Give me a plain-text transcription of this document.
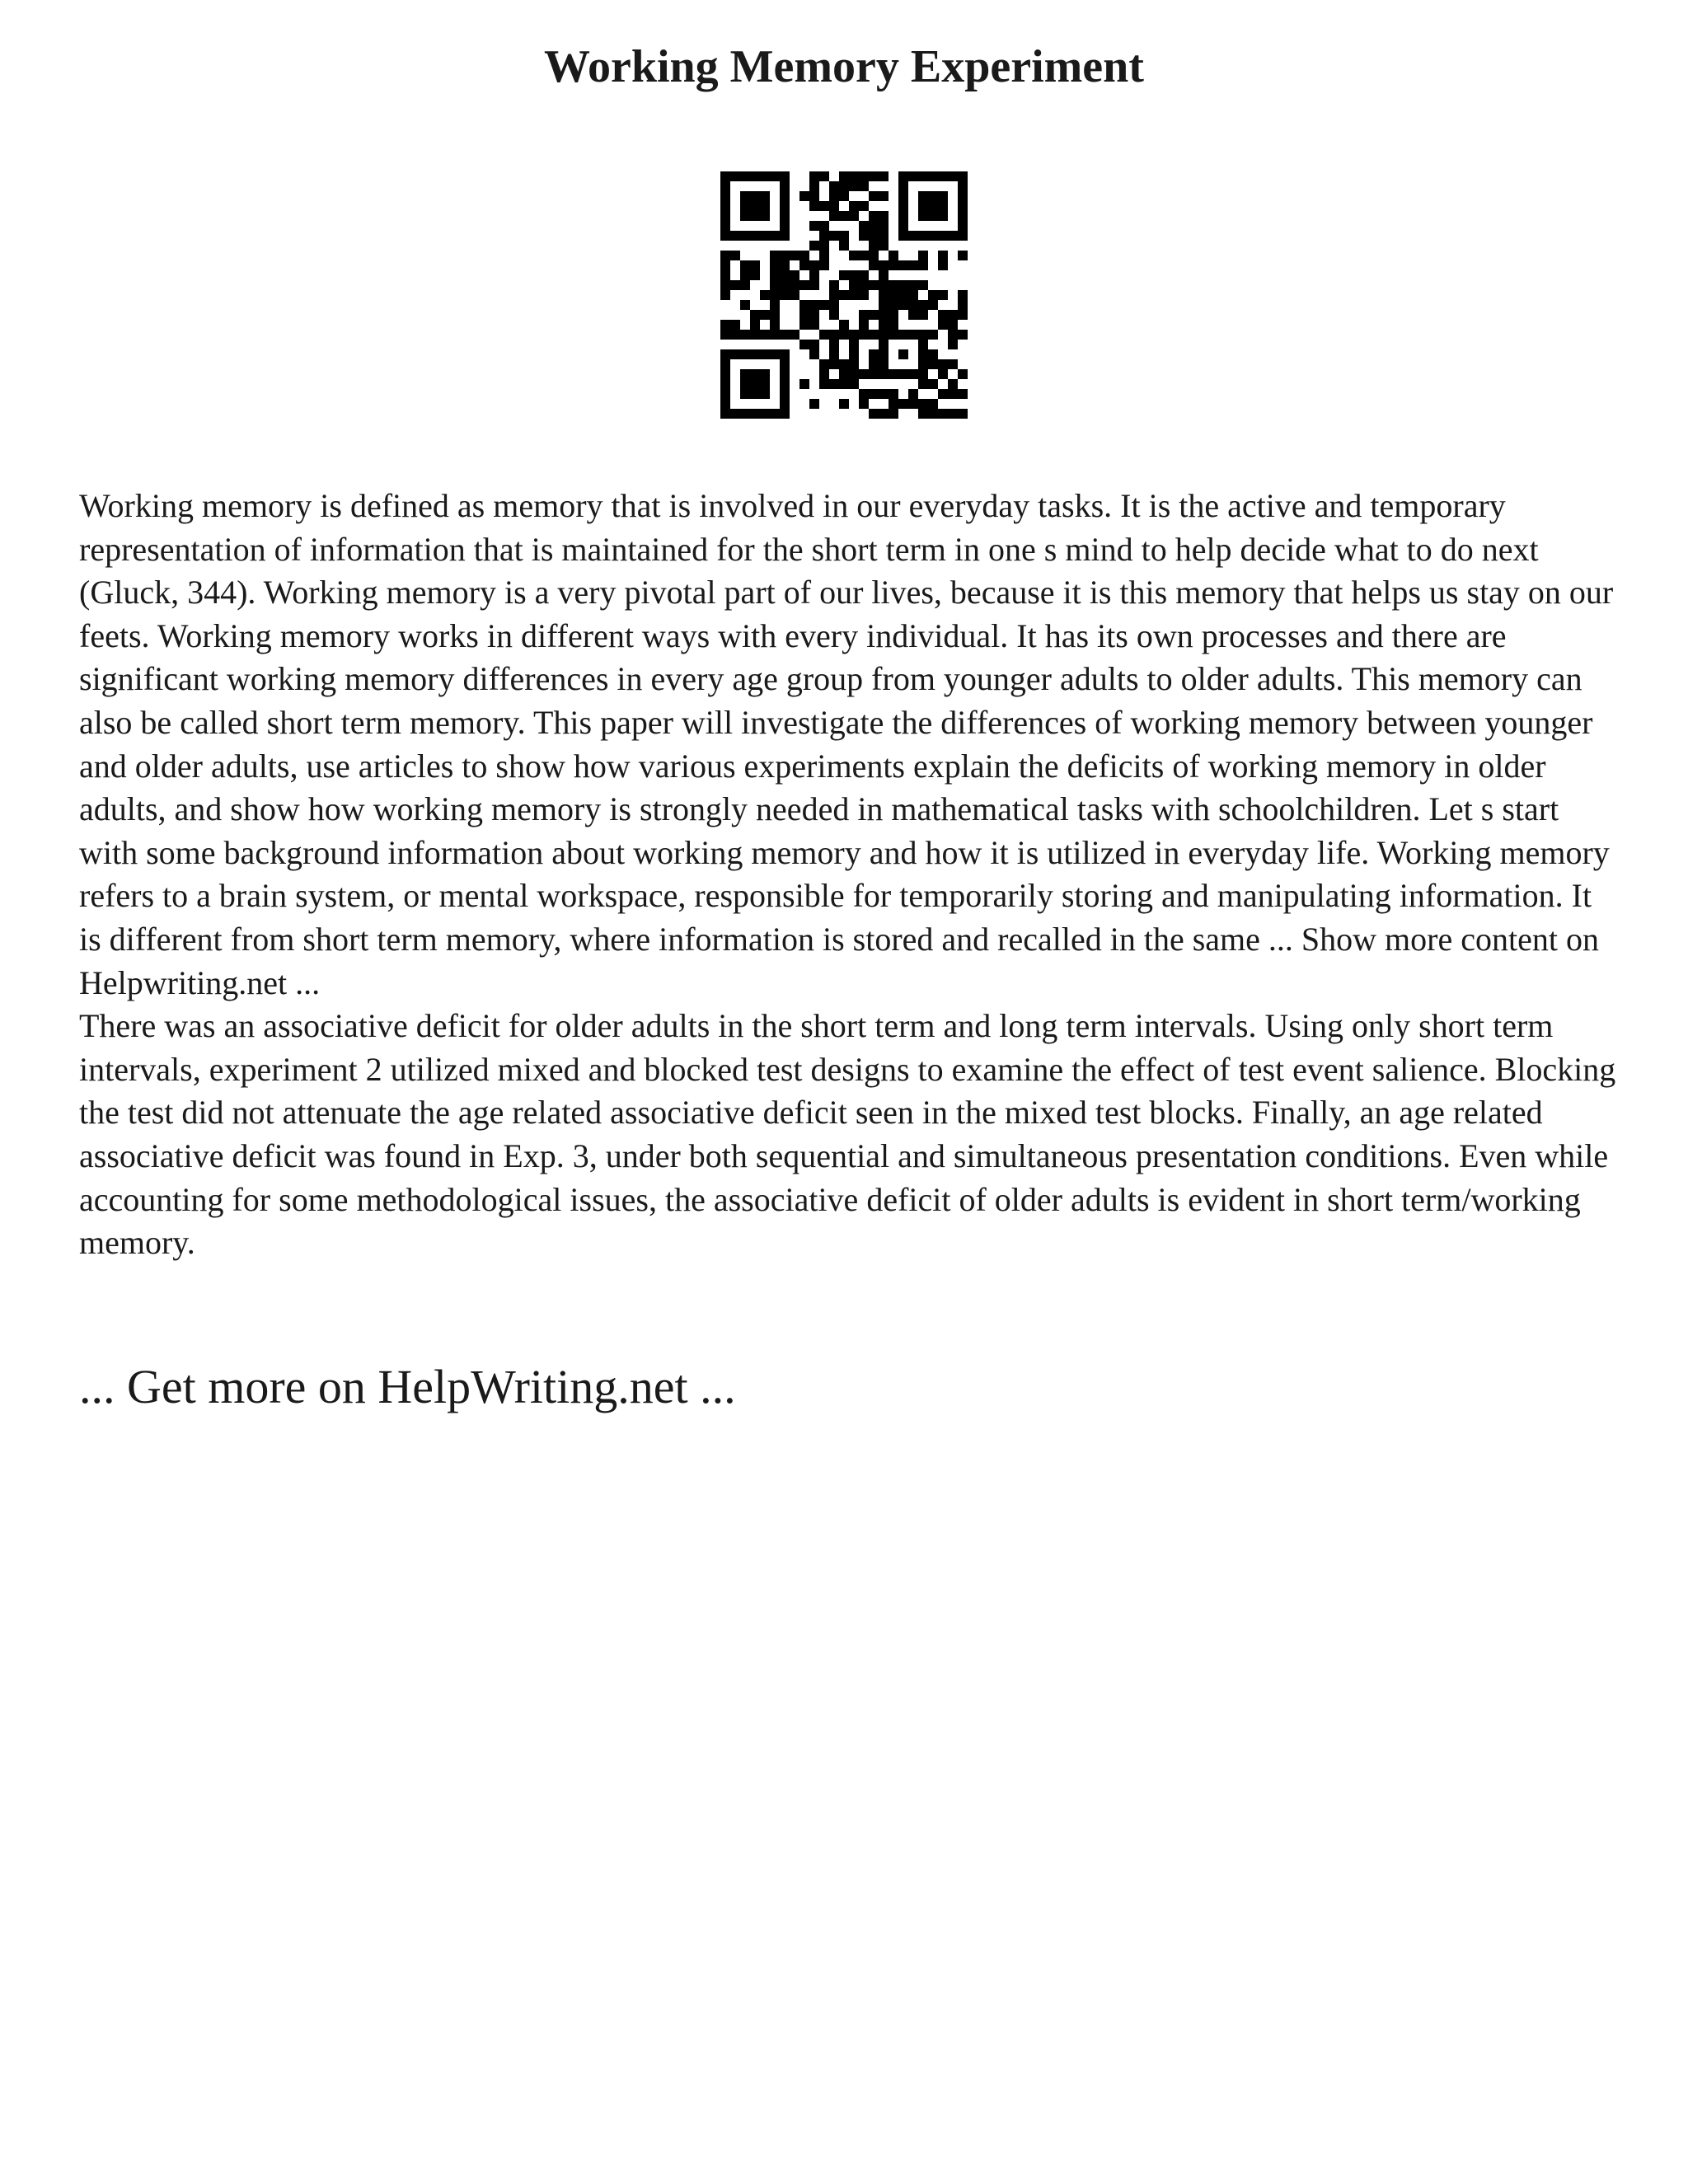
Working Memory Experiment

Working memory is defined as memory that is involved in our everyday tasks. It is the active and temporary representation of information that is maintained for the short term in one s mind to help decide what to do next (Gluck, 344). Working memory is a very pivotal part of our lives, because it is this memory that helps us stay on our feets. Working memory works in different ways with every individual. It has its own processes and there are significant working memory differences in every age group from younger adults to older adults. This memory can also be called short term memory. This paper will investigate the differences of working memory between younger and older adults, use articles to show how various experiments explain the deficits of working memory in older adults, and show how working memory is strongly needed in mathematical tasks with schoolchildren. Let s start with some background information about working memory and how it is utilized in everyday life. Working memory refers to a brain system, or mental workspace, responsible for temporarily storing and manipulating information. It is different from short term memory, where information is stored and recalled in the same ... Show more content on Helpwriting.net ...

There was an associative deficit for older adults in the short term and long term intervals. Using only short term intervals, experiment 2 utilized mixed and blocked test designs to examine the effect of test event salience. Blocking the test did not attenuate the age related associative deficit seen in the mixed test blocks. Finally, an age related associative deficit was found in Exp. 3, under both sequential and simultaneous presentation conditions. Even while accounting for some methodological issues, the associative deficit of older adults is evident in short term/working memory.

... Get more on HelpWriting.net ...
